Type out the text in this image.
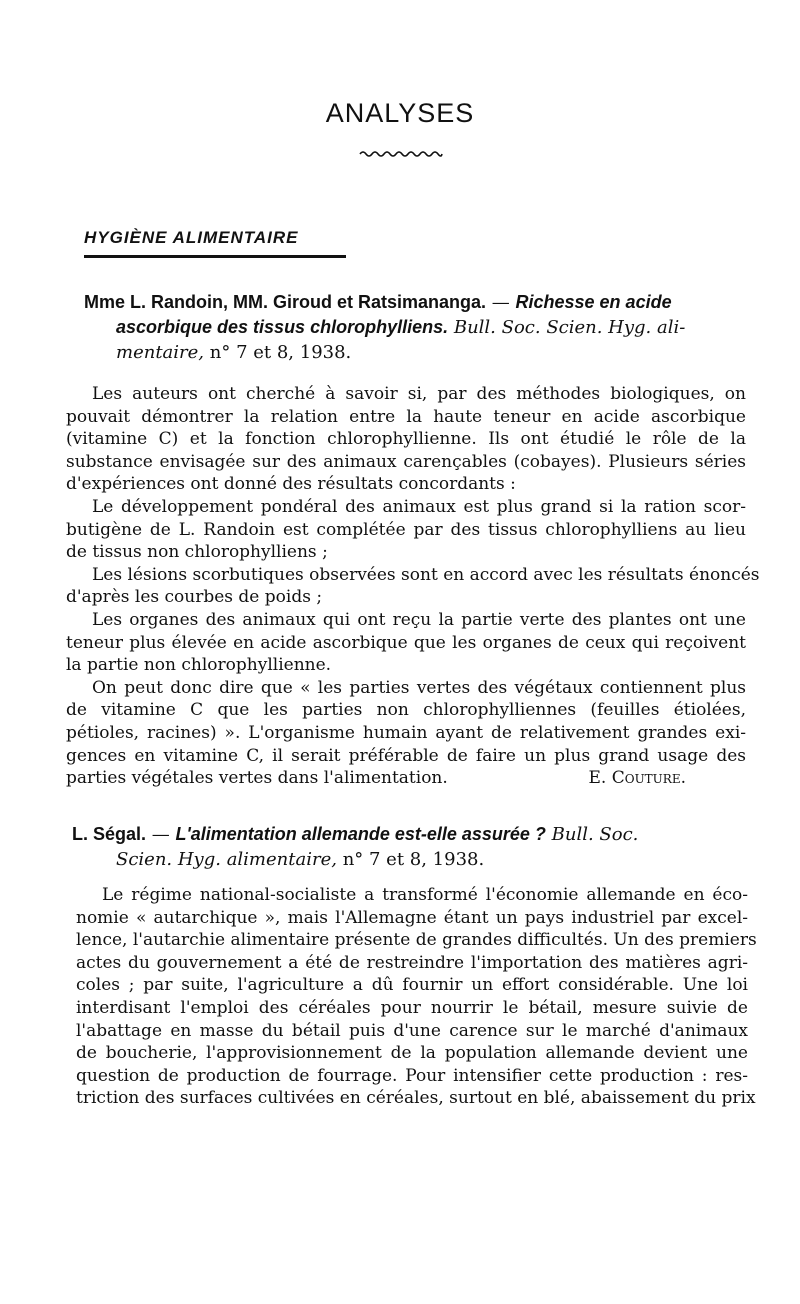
ANALYSES
HYGIÈNE ALIMENTAIRE
Mme L. Randoin, MM. Giroud et Ratsimananga. — Richesse en acide
ascorbique des tissus chlorophylliens. Bull. Soc. Scien. Hyg. ali-
mentaire, n° 7 et 8, 1938.
Les auteurs ont cherché à savoir si, par des méthodes biologiques, on
pouvait démontrer la relation entre la haute teneur en acide ascorbique
(vitamine C) et la fonction chlorophyllienne. Ils ont étudié le rôle de la
substance envisagée sur des animaux carençables (cobayes). Plusieurs séries
d'expériences ont donné des résultats concordants :
Le développement pondéral des animaux est plus grand si la ration scor-
butigène de L. Randoin est complétée par des tissus chlorophylliens au lieu
de tissus non chlorophylliens ;
Les lésions scorbutiques observées sont en accord avec les résultats énoncés
d'après les courbes de poids ;
Les organes des animaux qui ont reçu la partie verte des plantes ont une
teneur plus élevée en acide ascorbique que les organes de ceux qui reçoivent
la partie non chlorophyllienne.
On peut donc dire que « les parties vertes des végétaux contiennent plus
de vitamine C que les parties non chlorophylliennes (feuilles étiolées,
pétioles, racines) ». L'organisme humain ayant de relativement grandes exi-
gences en vitamine C, il serait préférable de faire un plus grand usage des
parties végétales vertes dans l'alimentation.	E. Couture.
L. Ségal. — L'alimentation allemande est-elle assurée ? Bull. Soc.
Scien. Hyg. alimentaire, n° 7 et 8, 1938.
Le régime national-socialiste a transformé l'économie allemande en éco-
nomie « autarchique », mais l'Allemagne étant un pays industriel par excel-
lence, l'autarchie alimentaire présente de grandes difficultés. Un des premiers
actes du gouvernement a été de restreindre l'importation des matières agri-
coles ; par suite, l'agriculture a dû fournir un effort considérable. Une loi
interdisant l'emploi des céréales pour nourrir le bétail, mesure suivie de
l'abattage en masse du bétail puis d'une carence sur le marché d'animaux
de boucherie, l'approvisionnement de la population allemande devient une
question de production de fourrage. Pour intensifier cette production : res-
triction des surfaces cultivées en céréales, surtout en blé, abaissement du prix
